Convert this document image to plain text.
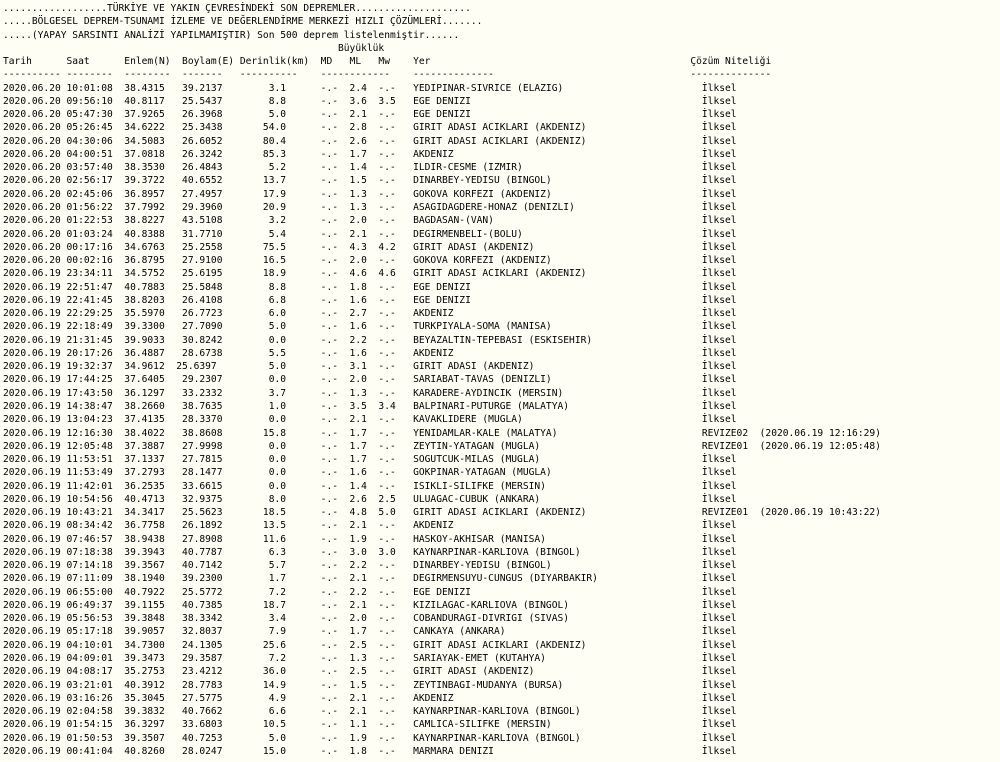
..................TÜRKİYE VE YAKIN ÇEVRESİNDEKİ SON DEPREMLER....................
.....BÖLGESEL DEPREM-TSUNAMI İZLEME VE DEĞERLENDİRME MERKEZİ HIZLI ÇÖZÜMLERİ.......
.....(YAPAY SARSINTI ANALİZİ YAPILMAMIŞTIR) Son 500 deprem listelenmiştir......
Büyüklük
Tarih      Saat      Enlem(N)  Boylam(E) Derinlik(km)  MD   ML   Mw    Yer                                             Çözüm Niteliği
---------- --------  --------  -------   ----------    ------------    --------------                                  --------------
2020.06.20 10:01:08  38.4315   39.2137        3.1      -.-  2.4  -.-   YEDIPINAR-SIVRICE (ELAZIG)                        İlksel
2020.06.20 09:56:10  40.8117   25.5437        8.8      -.-  3.6  3.5   EGE DENIZI                                        İlksel
2020.06.20 05:47:30  37.9265   26.3968        5.0      -.-  2.1  -.-   EGE DENIZI                                        İlksel
2020.06.20 05:26:45  34.6222   25.3438       54.0      -.-  2.8  -.-   GIRIT ADASI ACIKLARI (AKDENIZ)                    İlksel
2020.06.20 04:30:06  34.5083   26.6052       80.4      -.-  2.6  -.-   GIRIT ADASI ACIKLARI (AKDENIZ)                    İlksel
2020.06.20 04:00:51  37.0818   26.3242       85.3      -.-  1.7  -.-   AKDENIZ                                           İlksel
2020.06.20 03:57:40  38.3530   26.4843        5.2      -.-  1.4  -.-   ILDIR-CESME (IZMIR)                               İlksel
2020.06.20 02:56:17  39.3722   40.6552       13.7      -.-  1.5  -.-   DINARBEY-YEDISU (BINGOL)                          İlksel
2020.06.20 02:45:06  36.8957   27.4957       17.9      -.-  1.3  -.-   GOKOVA KORFEZI (AKDENIZ)                          İlksel
2020.06.20 01:56:22  37.7992   29.3960       20.9      -.-  1.3  -.-   ASAGIDAGDERE-HONAZ (DENIZLI)                      İlksel
2020.06.20 01:22:53  38.8227   43.5108        3.2      -.-  2.0  -.-   BAGDASAN-(VAN)                                    İlksel
2020.06.20 01:03:24  40.8388   31.7710        5.4      -.-  2.1  -.-   DEGIRMENBELI-(BOLU)                               İlksel
2020.06.20 00:17:16  34.6763   25.2558       75.5      -.-  4.3  4.2   GIRIT ADASI (AKDENIZ)                             İlksel
2020.06.20 00:02:16  36.8795   27.9100       16.5      -.-  2.0  -.-   GOKOVA KORFEZI (AKDENIZ)                          İlksel
2020.06.19 23:34:11  34.5752   25.6195       18.9      -.-  4.6  4.6   GIRIT ADASI ACIKLARI (AKDENIZ)                    İlksel
2020.06.19 22:51:47  40.7883   25.5848        8.8      -.-  1.8  -.-   EGE DENIZI                                        İlksel
2020.06.19 22:41:45  38.8203   26.4108        6.8      -.-  1.6  -.-   EGE DENIZI                                        İlksel
2020.06.19 22:29:25  35.5970   26.7723        6.0      -.-  2.7  -.-   AKDENIZ                                           İlksel
2020.06.19 22:18:49  39.3300   27.7090        5.0      -.-  1.6  -.-   TURKPIYALA-SOMA (MANISA)                          İlksel
2020.06.19 21:31:45  39.9033   30.8242        0.0      -.-  2.2  -.-   BEYAZALTIN-TEPEBASI (ESKISEHIR)                   İlksel
2020.06.19 20:17:26  36.4887   28.6738        5.5      -.-  1.6  -.-   AKDENIZ                                           İlksel
2020.06.19 19:32:37  34.9612  25.6397         5.0      -.-  3.1  -.-   GIRIT ADASI (AKDENIZ)                             İlksel
2020.06.19 17:44:25  37.6405   29.2307        0.0      -.-  2.0  -.-   SARIABAT-TAVAS (DENIZLI)                          İlksel
2020.06.19 17:43:50  36.1297   33.2332        3.7      -.-  1.3  -.-   KARADERE-AYDINCIK (MERSIN)                        İlksel
2020.06.19 14:38:47  38.2660   38.7635        1.0      -.-  3.5  3.4   BALPINARI-PUTURGE (MALATYA)                       İlksel
2020.06.19 13:04:23  37.4135   28.3370        0.0      -.-  2.1  -.-   KAVAKLIDERE (MUGLA)                               İlksel
2020.06.19 12:16:30  38.4022   38.8608       15.8      -.-  1.7  -.-   YENIDAMLAR-KALE (MALATYA)                         REVIZE02  (2020.06.19 12:16:29)
2020.06.19 12:05:48  37.3887   27.9998        0.0      -.-  1.7  -.-   ZEYTIN-YATAGAN (MUGLA)                            REVIZE01  (2020.06.19 12:05:48)
2020.06.19 11:53:51  37.1337   27.7815        0.0      -.-  1.7  -.-   SOGUTCUK-MILAS (MUGLA)                            İlksel
2020.06.19 11:53:49  37.2793   28.1477        0.0      -.-  1.6  -.-   GOKPINAR-YATAGAN (MUGLA)                          İlksel
2020.06.19 11:42:01  36.2535   33.6615        0.0      -.-  1.4  -.-   ISIKLI-SILIFKE (MERSIN)                           İlksel
2020.06.19 10:54:56  40.4713   32.9375        8.0      -.-  2.6  2.5   ULUAGAC-CUBUK (ANKARA)                            İlksel
2020.06.19 10:43:21  34.3417   25.5623       18.5      -.-  4.8  5.0   GIRIT ADASI ACIKLARI (AKDENIZ)                    REVIZE01  (2020.06.19 10:43:22)
2020.06.19 08:34:42  36.7758   26.1892       13.5      -.-  2.1  -.-   AKDENIZ                                           İlksel
2020.06.19 07:46:57  38.9438   27.8908       11.6      -.-  1.9  -.-   HASKOY-AKHISAR (MANISA)                           İlksel
2020.06.19 07:18:38  39.3943   40.7787        6.3      -.-  3.0  3.0   KAYNARPINAR-KARLIOVA (BINGOL)                     İlksel
2020.06.19 07:14:18  39.3567   40.7142        5.7      -.-  2.2  -.-   DINARBEY-YEDISU (BINGOL)                          İlksel
2020.06.19 07:11:09  38.1940   39.2300        1.7      -.-  2.1  -.-   DEGIRMENSUYU-CUNGUS (DIYARBAKIR)                  İlksel
2020.06.19 06:55:00  40.7922   25.5772        7.2      -.-  2.2  -.-   EGE DENIZI                                        İlksel
2020.06.19 06:49:37  39.1155   40.7385       18.7      -.-  2.1  -.-   KIZILAGAC-KARLIOVA (BINGOL)                       İlksel
2020.06.19 05:56:53  39.3848   38.3342        3.4      -.-  2.0  -.-   COBANDURAGI-DIVRIGI (SIVAS)                       İlksel
2020.06.19 05:17:18  39.9057   32.8037        7.9      -.-  1.7  -.-   CANKAYA (ANKARA)                                  İlksel
2020.06.19 04:10:01  34.7300   24.1305       25.6      -.-  2.5  -.-   GIRIT ADASI ACIKLARI (AKDENIZ)                    İlksel
2020.06.19 04:09:01  39.3473   29.3587        7.2      -.-  1.3  -.-   SARIAYAK-EMET (KUTAHYA)                           İlksel
2020.06.19 04:08:17  35.2753   23.4212       36.0      -.-  2.5  -.-   GIRIT ADASI (AKDENIZ)                             İlksel
2020.06.19 03:21:01  40.3912   28.7783       14.9      -.-  1.5  -.-   ZEYTINBAGI-MUDANYA (BURSA)                        İlksel
2020.06.19 03:16:26  35.3045   27.5775        4.9      -.-  2.1  -.-   AKDENIZ                                           İlksel
2020.06.19 02:04:58  39.3832   40.7662        6.6      -.-  2.1  -.-   KAYNARPINAR-KARLIOVA (BINGOL)                     İlksel
2020.06.19 01:54:15  36.3297   33.6803       10.5      -.-  1.1  -.-   CAMLICA-SILIFKE (MERSIN)                          İlksel
2020.06.19 01:50:53  39.3507   40.7253        5.0      -.-  1.9  -.-   KAYNARPINAR-KARLIOVA (BINGOL)                     İlksel
2020.06.19 00:41:04  40.8260   28.0247       15.0      -.-  1.8  -.-   MARMARA DENIZI                                    İlksel
